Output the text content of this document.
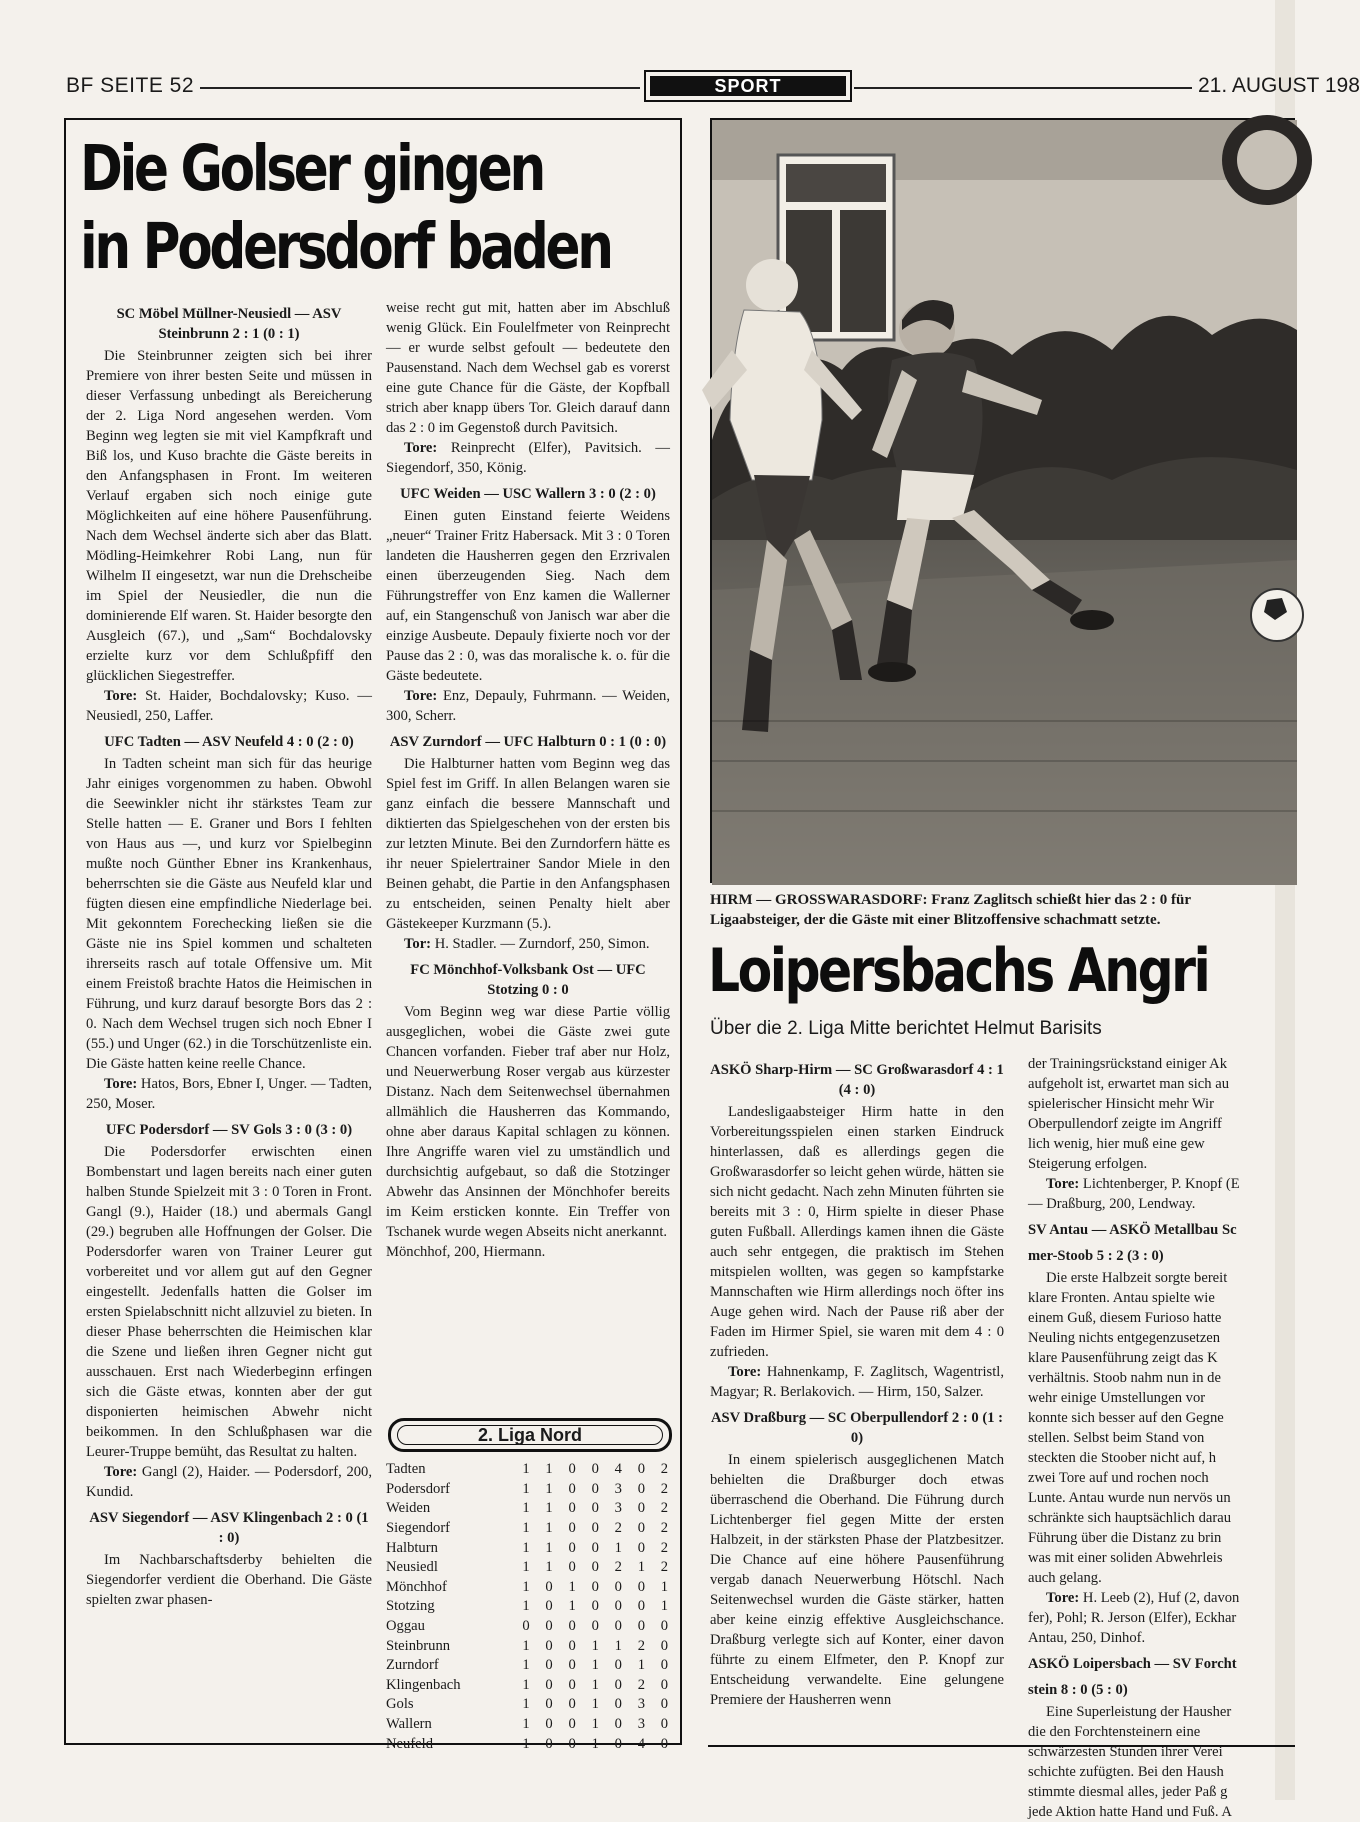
BF SEITE 52	SPORT	21. AUGUST 198
Die Golser gingen
in Podersdorf baden
SC Möbel Müllner-Neusiedl — ASV Steinbrunn 2 : 1 (0 : 1)

Die Steinbrunner zeigten sich bei ihrer Premiere von ihrer besten Seite und müssen in dieser Verfassung unbedingt als Bereicherung der 2. Liga Nord angesehen werden. Vom Beginn weg legten sie mit viel Kampfkraft und Biß los, und Kuso brachte die Gäste bereits in den Anfangsphasen in Front. Im weiteren Verlauf ergaben sich noch einige gute Möglichkeiten auf eine höhere Pausenführung. Nach dem Wechsel änderte sich aber das Blatt. Mödling-Heimkehrer Robi Lang, nun für Wilhelm II eingesetzt, war nun die Drehscheibe im Spiel der Neusiedler, die nun die dominierende Elf waren. St. Haider besorgte den Ausgleich (67.), und „Sam“ Bochdalovsky erzielte kurz vor dem Schlußpfiff den glücklichen Siegestreffer.

Tore: St. Haider, Bochdalovsky; Kuso. — Neusiedl, 250, Laffer.

UFC Tadten — ASV Neufeld 4 : 0 (2 : 0)

In Tadten scheint man sich für das heurige Jahr einiges vorgenommen zu haben. Obwohl die Seewinkler nicht ihr stärkstes Team zur Stelle hatten — E. Graner und Bors I fehlten von Haus aus —, und kurz vor Spielbeginn mußte noch Günther Ebner ins Krankenhaus, beherrschten sie die Gäste aus Neufeld klar und fügten diesen eine empfindliche Niederlage bei. Mit gekonntem Forechecking ließen sie die Gäste nie ins Spiel kommen und schalteten ihrerseits rasch auf totale Offensive um. Mit einem Freistoß brachte Hatos die Heimischen in Führung, und kurz darauf besorgte Bors das 2 : 0. Nach dem Wechsel trugen sich noch Ebner I (55.) und Unger (62.) in die Torschützenliste ein. Die Gäste hatten keine reelle Chance.

Tore: Hatos, Bors, Ebner I, Unger. — Tadten, 250, Moser.

UFC Podersdorf — SV Gols 3 : 0 (3 : 0)

Die Podersdorfer erwischten einen Bombenstart und lagen bereits nach einer guten halben Stunde Spielzeit mit 3 : 0 Toren in Front. Gangl (9.), Haider (18.) und abermals Gangl (29.) begruben alle Hoffnungen der Golser. Die Podersdorfer waren von Trainer Leurer gut vorbereitet und vor allem gut auf den Gegner eingestellt. Jedenfalls hatten die Golser im ersten Spielabschnitt nicht allzuviel zu bieten. In dieser Phase beherrschten die Heimischen klar die Szene und ließen ihren Gegner nicht gut ausschauen. Erst nach Wiederbeginn erfingen sich die Gäste etwas, konnten aber der gut disponierten heimischen Abwehr nicht beikommen. In den Schlußphasen war die Leurer-Truppe bemüht, das Resultat zu halten.

Tore: Gangl (2), Haider. — Podersdorf, 200, Kundid.

ASV Siegendorf — ASV Klingenbach 2 : 0 (1 : 0)

Im Nachbarschaftsderby behielten die Siegendorfer verdient die Oberhand. Die Gäste spielten zwar phasen-

weise recht gut mit, hatten aber im Abschluß wenig Glück. Ein Foulelfmeter von Reinprecht — er wurde selbst gefoult — bedeutete den Pausenstand. Nach dem Wechsel gab es vorerst eine gute Chance für die Gäste, der Kopfball strich aber knapp übers Tor. Gleich darauf dann das 2 : 0 im Gegenstoß durch Pavitsich.

Tore: Reinprecht (Elfer), Pavitsich. — Siegendorf, 350, König.

UFC Weiden — USC Wallern 3 : 0 (2 : 0)

Einen guten Einstand feierte Weidens „neuer“ Trainer Fritz Habersack. Mit 3 : 0 Toren landeten die Hausherren gegen den Erzrivalen einen überzeugenden Sieg. Nach dem Führungstreffer von Enz kamen die Wallerner auf, ein Stangenschuß von Janisch war aber die einzige Ausbeute. Depauly fixierte noch vor der Pause das 2 : 0, was das moralische k. o. für die Gäste bedeutete.

Tore: Enz, Depauly, Fuhrmann. — Weiden, 300, Scherr.

ASV Zurndorf — UFC Halbturn 0 : 1 (0 : 0)

Die Halbturner hatten vom Beginn weg das Spiel fest im Griff. In allen Belangen waren sie ganz einfach die bessere Mannschaft und diktierten das Spielgeschehen von der ersten bis zur letzten Minute. Bei den Zurndorfern hätte es ihr neuer Spielertrainer Sandor Miele in den Beinen gehabt, die Partie in den Anfangsphasen zu entscheiden, seinen Penalty hielt aber Gästekeeper Kurzmann (5.).

Tor: H. Stadler. — Zurndorf, 250, Simon.

FC Mönchhof-Volksbank Ost — UFC Stotzing 0 : 0

Vom Beginn weg war diese Partie völlig ausgeglichen, wobei die Gäste zwei gute Chancen vorfanden. Fieber traf aber nur Holz, und Neuerwerbung Roser vergab aus kürzester Distanz. Nach dem Seitenwechsel übernahmen allmählich die Hausherren das Kommando, ohne aber daraus Kapital schlagen zu können. Ihre Angriffe waren viel zu umständlich und durchsichtig aufgebaut, so daß die Stotzinger Abwehr das Ansinnen der Mönchhofer bereits im Keim ersticken konnte. Ein Treffer von Tschanek wurde wegen Abseits nicht anerkannt.

Mönchhof, 200, Hiermann.

2. Liga Nord
Tadten	1	1	0	0	4	0	2
Podersdorf	1	1	0	0	3	0	2
Weiden	1	1	0	0	3	0	2
Siegendorf	1	1	0	0	2	0	2
Halbturn	1	1	0	0	1	0	2
Neusiedl	1	1	0	0	2	1	2
Mönchhof	1	0	1	0	0	0	1
Stotzing	1	0	1	0	0	0	1
Oggau	0	0	0	0	0	0	0
Steinbrunn	1	0	0	1	1	2	0
Zurndorf	1	0	0	1	0	1	0
Klingenbach	1	0	0	1	0	2	0
Gols	1	0	0	1	0	3	0
Wallern	1	0	0	1	0	3	0
Neufeld	1	0	0	1	0	4	0
HIRM — GROSSWARASDORF: Franz Zaglitsch schießt hier das 2 : 0 für
Ligaabsteiger, der die Gäste mit einer Blitzoffensive schachmatt setzte.
Loipersbachs Angri
Über die 2. Liga Mitte berichtet Helmut Barisits
ASKÖ Sharp-Hirm — SC Großwarasdorf 4 : 1 (4 : 0)

Landesligaabsteiger Hirm hatte in den Vorbereitungsspielen einen starken Eindruck hinterlassen, daß es allerdings gegen die Großwarasdorfer so leicht gehen würde, hätten sie sich nicht gedacht. Nach zehn Minuten führten sie bereits mit 3 : 0, Hirm spielte in dieser Phase guten Fußball. Allerdings kamen ihnen die Gäste auch sehr entgegen, die praktisch im Stehen mitspielen wollten, was gegen so kampfstarke Mannschaften wie Hirm allerdings noch öfter ins Auge gehen wird. Nach der Pause riß aber der Faden im Hirmer Spiel, sie waren mit dem 4 : 0 zufrieden.

Tore: Hahnenkamp, F. Zaglitsch, Wagentristl, Magyar; R. Berlakovich. — Hirm, 150, Salzer.

ASV Draßburg — SC Oberpullendorf 2 : 0 (1 : 0)

In einem spielerisch ausgeglichenen Match behielten die Draßburger doch etwas überraschend die Oberhand. Die Führung durch Lichtenberger fiel gegen Mitte der ersten Halbzeit, in der stärksten Phase der Platzbesitzer. Die Chance auf eine höhere Pausenführung vergab danach Neuerwerbung Hötschl. Nach Seitenwechsel wurden die Gäste stärker, hatten aber keine einzig effektive Ausgleichschance. Draßburg verlegte sich auf Konter, einer davon führte zu einem Elfmeter, den P. Knopf zur Entscheidung verwandelte. Eine gelungene Premiere der Hausherren wenn

der Trainingsrückstand einiger Ak

aufgeholt ist, erwartet man sich au

spielerischer Hinsicht mehr Wir

Oberpullendorf zeigte im Angriff

lich wenig, hier muß eine gew

Steigerung erfolgen.

Tore: Lichtenberger, P. Knopf (E

— Draßburg, 200, Lendway.

SV Antau — ASKÖ Metallbau Sc
mer-Stoob 5 : 2 (3 : 0)

Die erste Halbzeit sorgte bereit

klare Fronten. Antau spielte wie

einem Guß, diesem Furioso hatte

Neuling nichts entgegenzusetzen

klare Pausenführung zeigt das K

verhältnis. Stoob nahm nun in de

wehr einige Umstellungen vor

konnte sich besser auf den Gegne

stellen. Selbst beim Stand von

steckten die Stoober nicht auf, h

zwei Tore auf und rochen noch

Lunte. Antau wurde nun nervös un

schränkte sich hauptsächlich darau

Führung über die Distanz zu brin

was mit einer soliden Abwehrleis

auch gelang.

Tore: H. Leeb (2), Huf (2, davon

fer), Pohl; R. Jerson (Elfer), Eckhar

Antau, 250, Dinhof.

ASKÖ Loipersbach — SV Forcht
stein 8 : 0 (5 : 0)

Eine Superleistung der Hausher

die den Forchtensteinern eine

schwärzesten Stunden ihrer Verei

schichte zufügten. Bei den Haush

stimmte diesmal alles, jeder Paß g

jede Aktion hatte Hand und Fuß. A
